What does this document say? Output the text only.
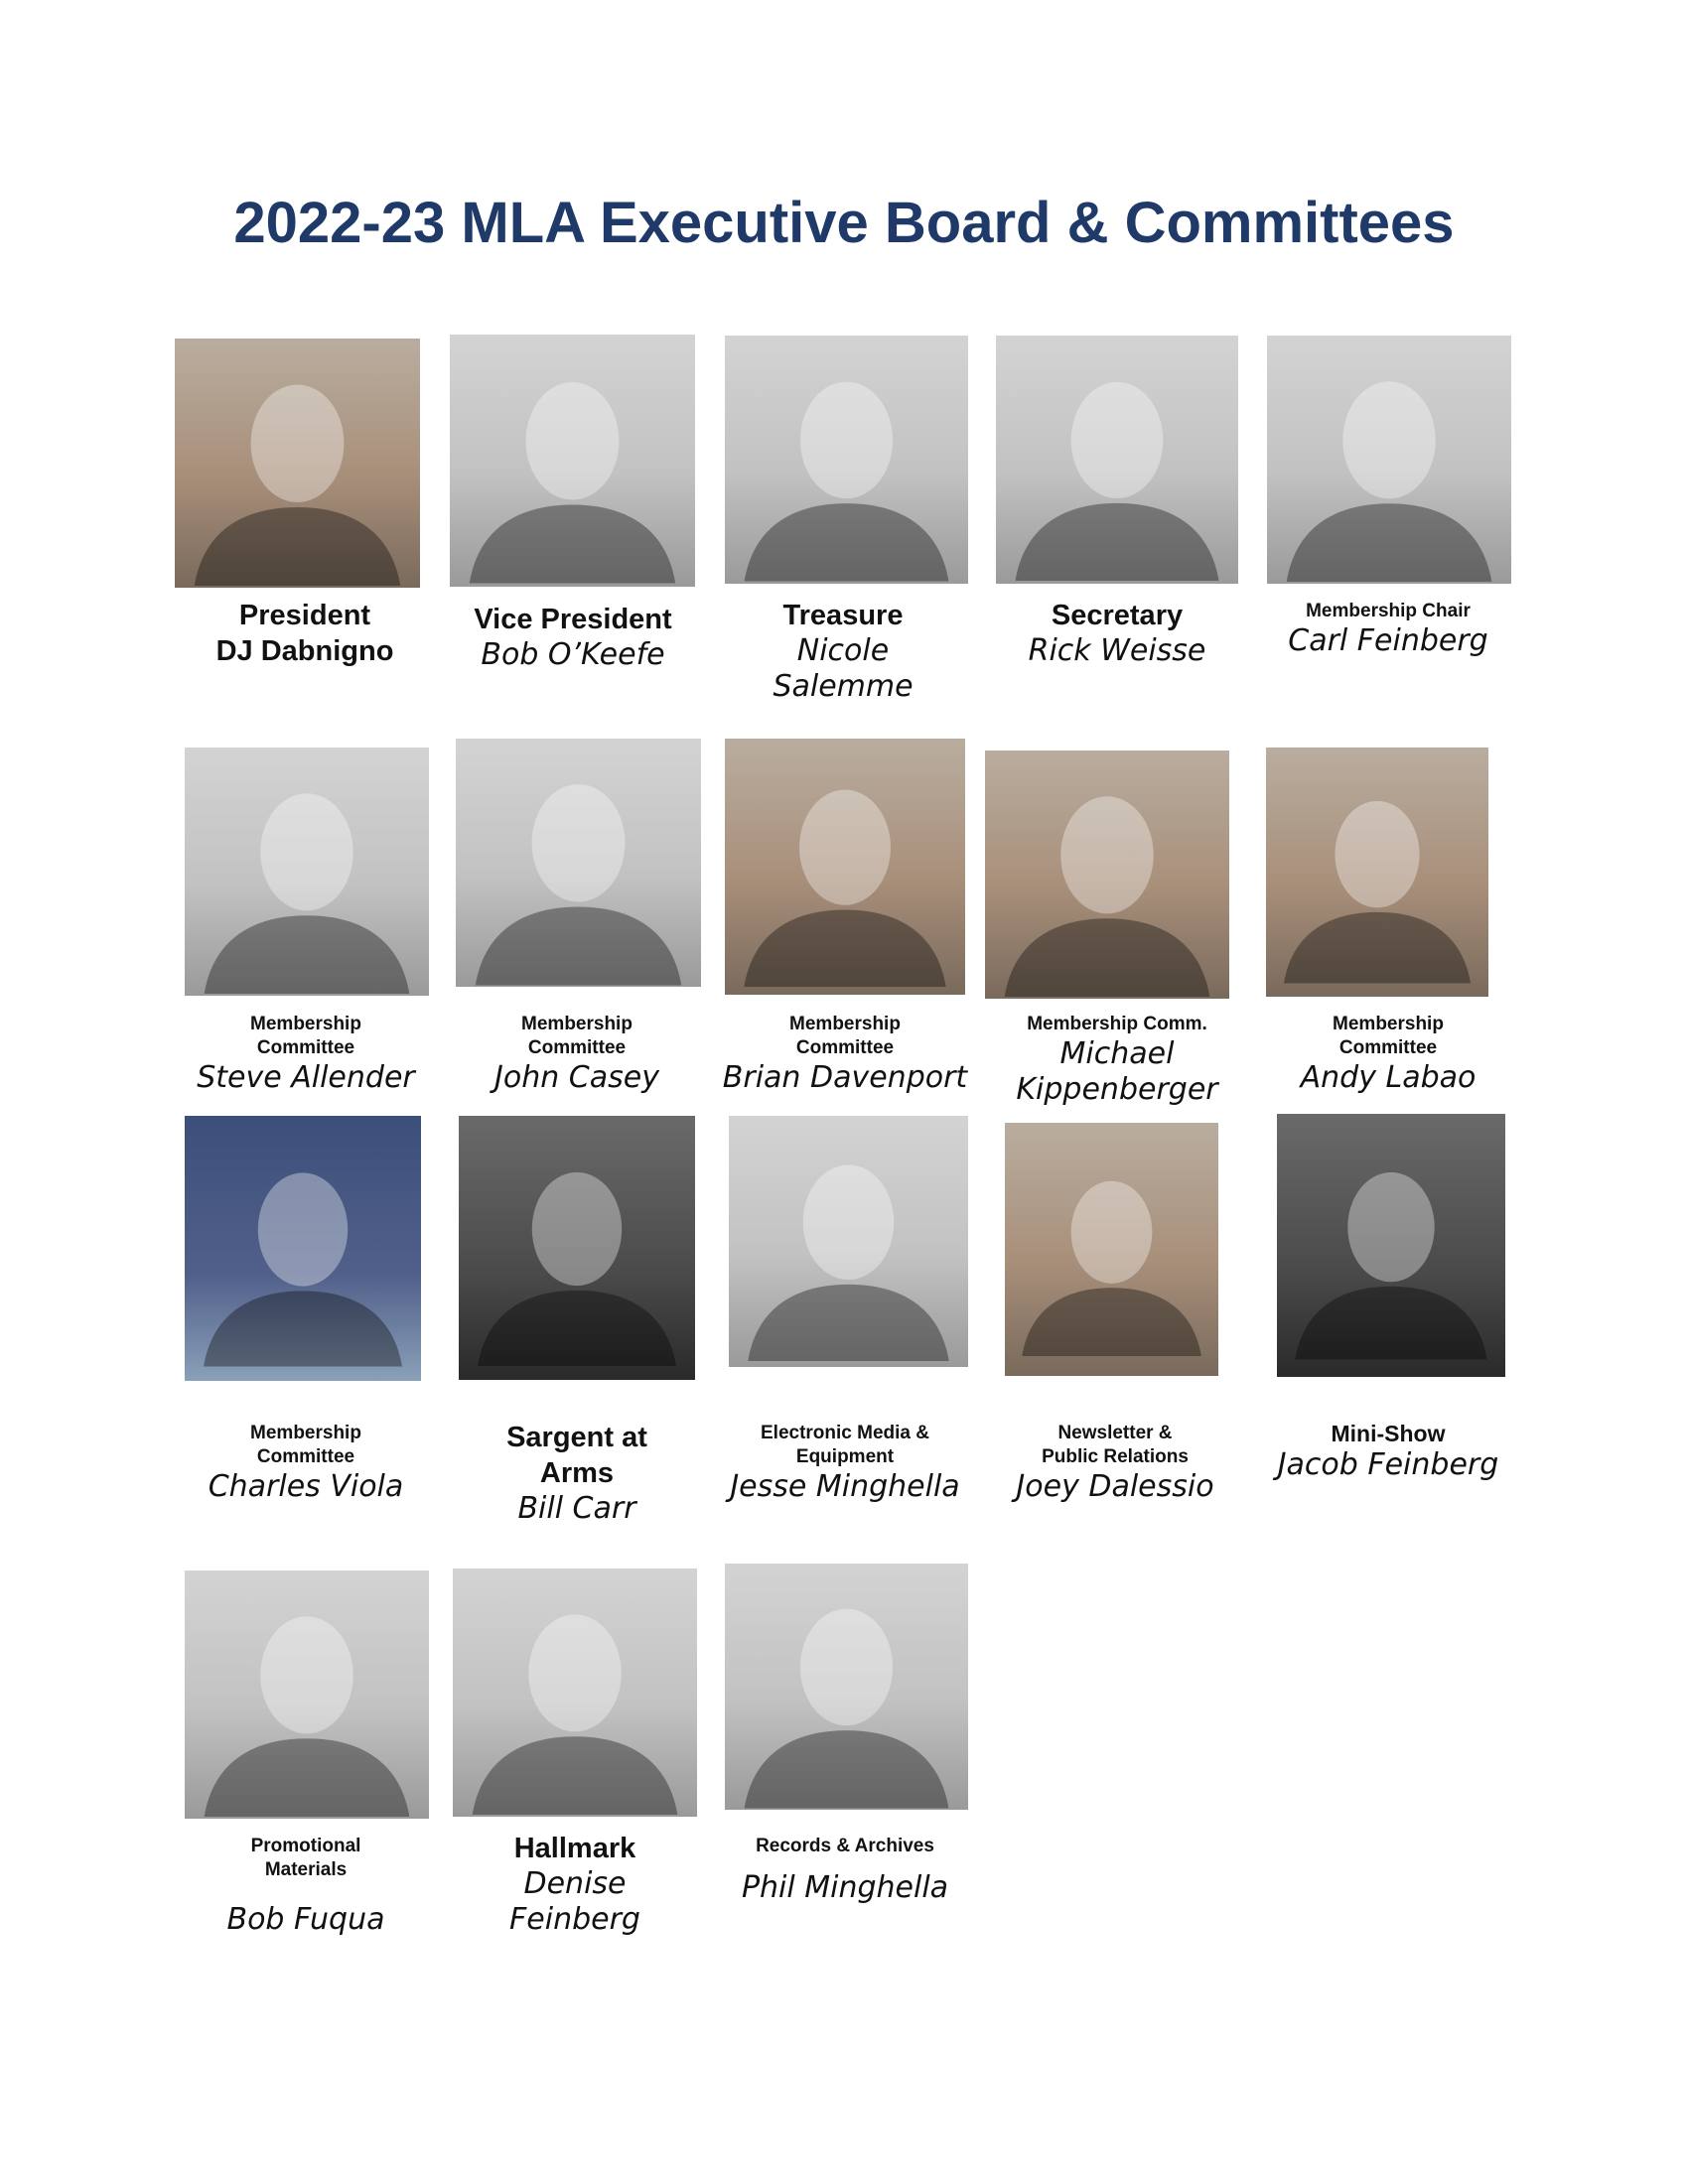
2022-23 MLA Executive Board & Committees
President
DJ Dabnigno
Vice President
Bob O’Keefe
Treasure
Nicole
Salemme
Secretary
Rick Weisse
Membership Chair
Carl Feinberg
Membership
Committee
Steve Allender
Membership
Committee
John Casey
Membership
Committee
Brian Davenport
Membership Comm.
Michael
Kippenberger
Membership
Committee
Andy Labao
Membership
Committee
Charles Viola
Sargent at
Arms
Bill Carr
Electronic Media &
Equipment
Jesse Minghella
Newsletter &
Public Relations
Joey Dalessio
Mini-Show
Jacob Feinberg
Promotional
Materials
Bob Fuqua
Hallmark
Denise
Feinberg
Records & Archives
Phil Minghella
